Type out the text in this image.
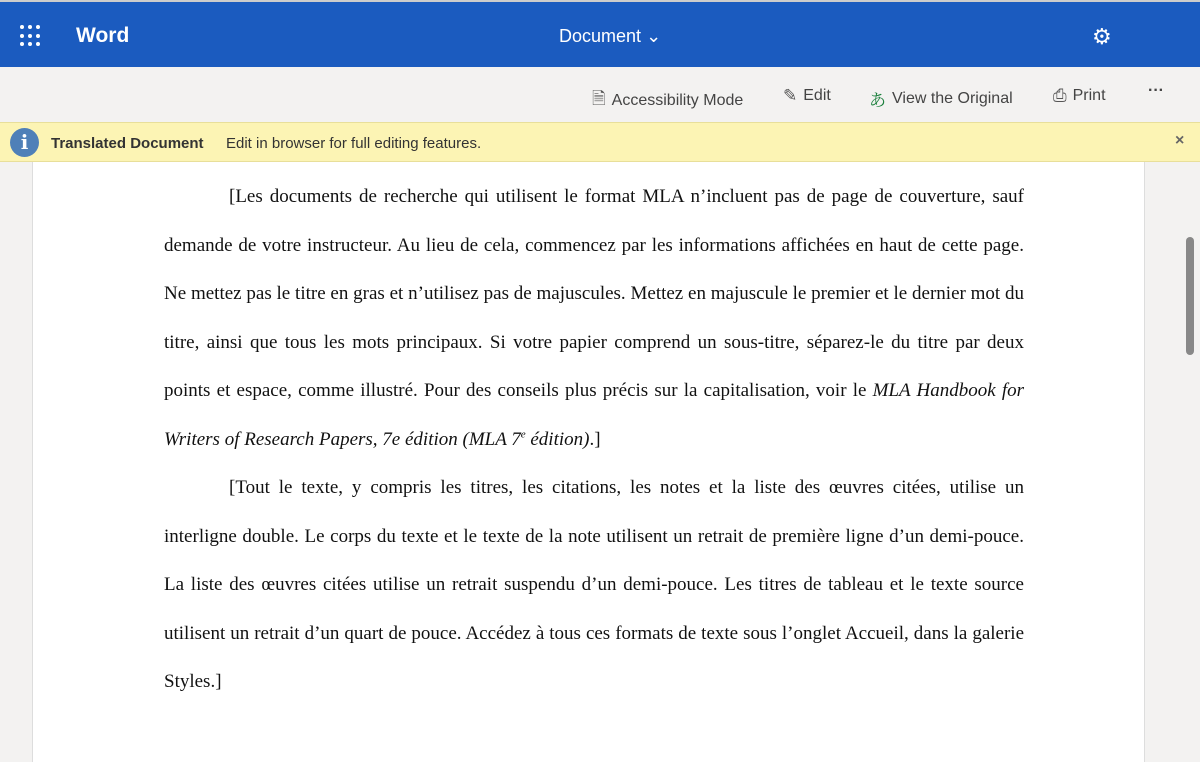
Word	Document ⌄	⚙
🗎 Accessibility Mode ✎ Edit あ View the Original ⎙ Print	···
i	Translated Document Edit in browser for full editing features.	×

[Les documents de recherche qui utilisent le format MLA n’incluent pas de page de couverture, sauf demande de votre instructeur. Au lieu de cela, commencez par les informations affichées en haut de cette page. Ne mettez pas le titre en gras et n’utilisez pas de majuscules. Mettez en majuscule le premier et le dernier mot du titre, ainsi que tous les mots principaux. Si votre papier comprend un sous-titre, séparez-le du titre par deux points et espace, comme illustré. Pour des conseils plus précis sur la capitalisation, voir le MLA Handbook for Writers of Research Papers, 7e édition (MLA 7e édition).]

[Tout le texte, y compris les titres, les citations, les notes et la liste des œuvres citées, utilise un interligne double. Le corps du texte et le texte de la note utilisent un retrait de première ligne d’un demi-pouce. La liste des œuvres citées utilise un retrait suspendu d’un demi-pouce. Les titres de tableau et le texte source utilisent un retrait d’un quart de pouce. Accédez à tous ces formats de texte sous l’onglet Accueil, dans la galerie Styles.]
